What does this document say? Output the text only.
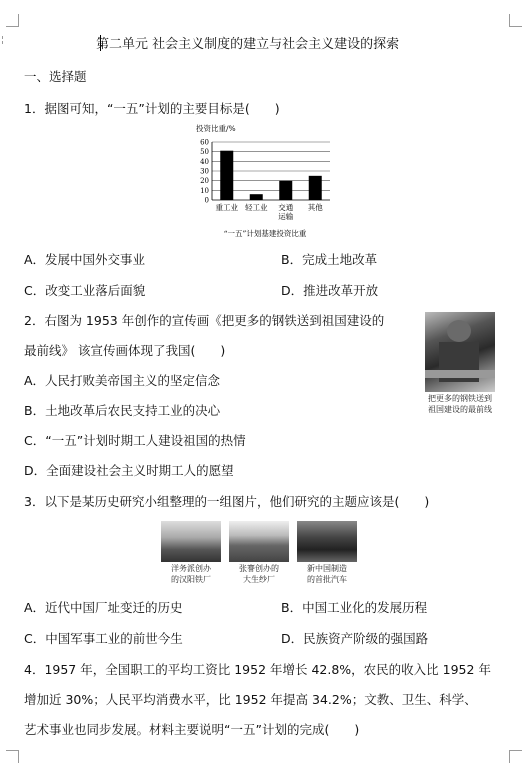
第二单元 社会主义制度的建立与社会主义建设的探索
一、选择题
1．据图可知，“一五”计划的主要目标是(　　)
投资比重/%
0
10
20
30
40
50
60
重工业 轻工业 交通
运输
其他
“一五”计划基建投资比重
A．发展中国外交事业	B．完成土地改革
C．改变工业落后面貌	D．推进改革开放
2．右图为 1953 年创作的宣传画《把更多的钢铁送到祖国建设的
最前线》 该宣传画体现了我国(　　)
把更多的钢铁送到
祖国建设的最前线
A．人民打败美帝国主义的坚定信念
B．土地改革后农民支持工业的决心
C．“一五”计划时期工人建设祖国的热情
D．全面建设社会主义时期工人的愿望
3．以下是某历史研究小组整理的一组图片，他们研究的主题应该是(　　)
洋务派创办
的汉阳铁厂
张謇创办的
大生纱厂
新中国制造
的首批汽车
A．近代中国厂址变迁的历史	B．中国工业化的发展历程
C．中国军事工业的前世今生	D．民族资产阶级的强国路
4．1957 年，全国职工的平均工资比 1952 年增长 42.8%，农民的收入比 1952 年
增加近 30%；人民平均消费水平，比 1952 年提高 34.2%；文教、卫生、科学、
艺术事业也同步发展。材料主要说明“一五”计划的完成(　　)
